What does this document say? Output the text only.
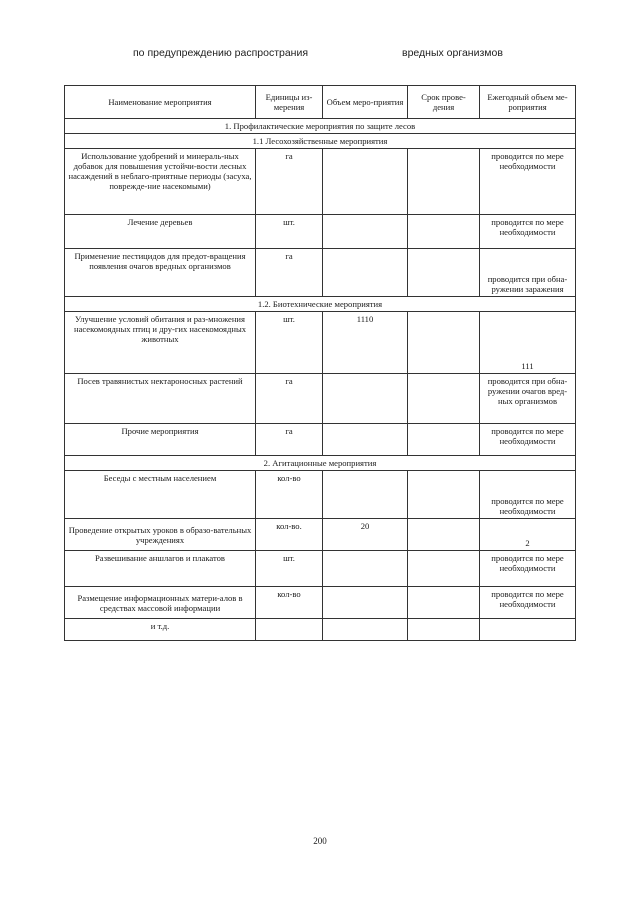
по предупреждению распространия	вредных организмов
Наименование мероприятия	Единицы из-мерения	Объем меро-приятия	Срок прове-дения	Ежегодный объем ме-роприятия
1. Профилактические мероприятия по защите лесов				
1.1 Лесохозяйственные мероприятия				
Использование удобрений и минераль-ных добавок для повышения устойчи-вости лесных насаждений в неблаго-приятные периоды (засуха, поврежде-ние насекомыми)	га			проводится по мере необходимости
Лечение деревьев	шт.			проводится по мере необходимости
Применение пестицидов для предот-вращения появления очагов вредных организмов	га			проводится при обна-ружении заражения
1.2. Биотехнические мероприятия				
Улучшение условий обитания и раз-множения насекомоядных птиц и дру-гих насекомоядных животных	шт.	1110		111
Посев травянистых нектароносных растений	га			проводится при обна-ружении очагов вред-ных организмов
Прочие мероприятия	га			проводится по мере необходимости
2. Агитационные мероприятия				
Беседы с местным населением	кол-во			проводится по мере необходимости
Проведение открытых уроков в образо-вательных учреждениях	кол-во.	20		2
Развешивание аншлагов и плакатов	шт.			проводится по мере необходимости
Размещение информационных матери-алов в средствах массовой информации	кол-во			проводится по мере необходимости
и т.д.				
200
